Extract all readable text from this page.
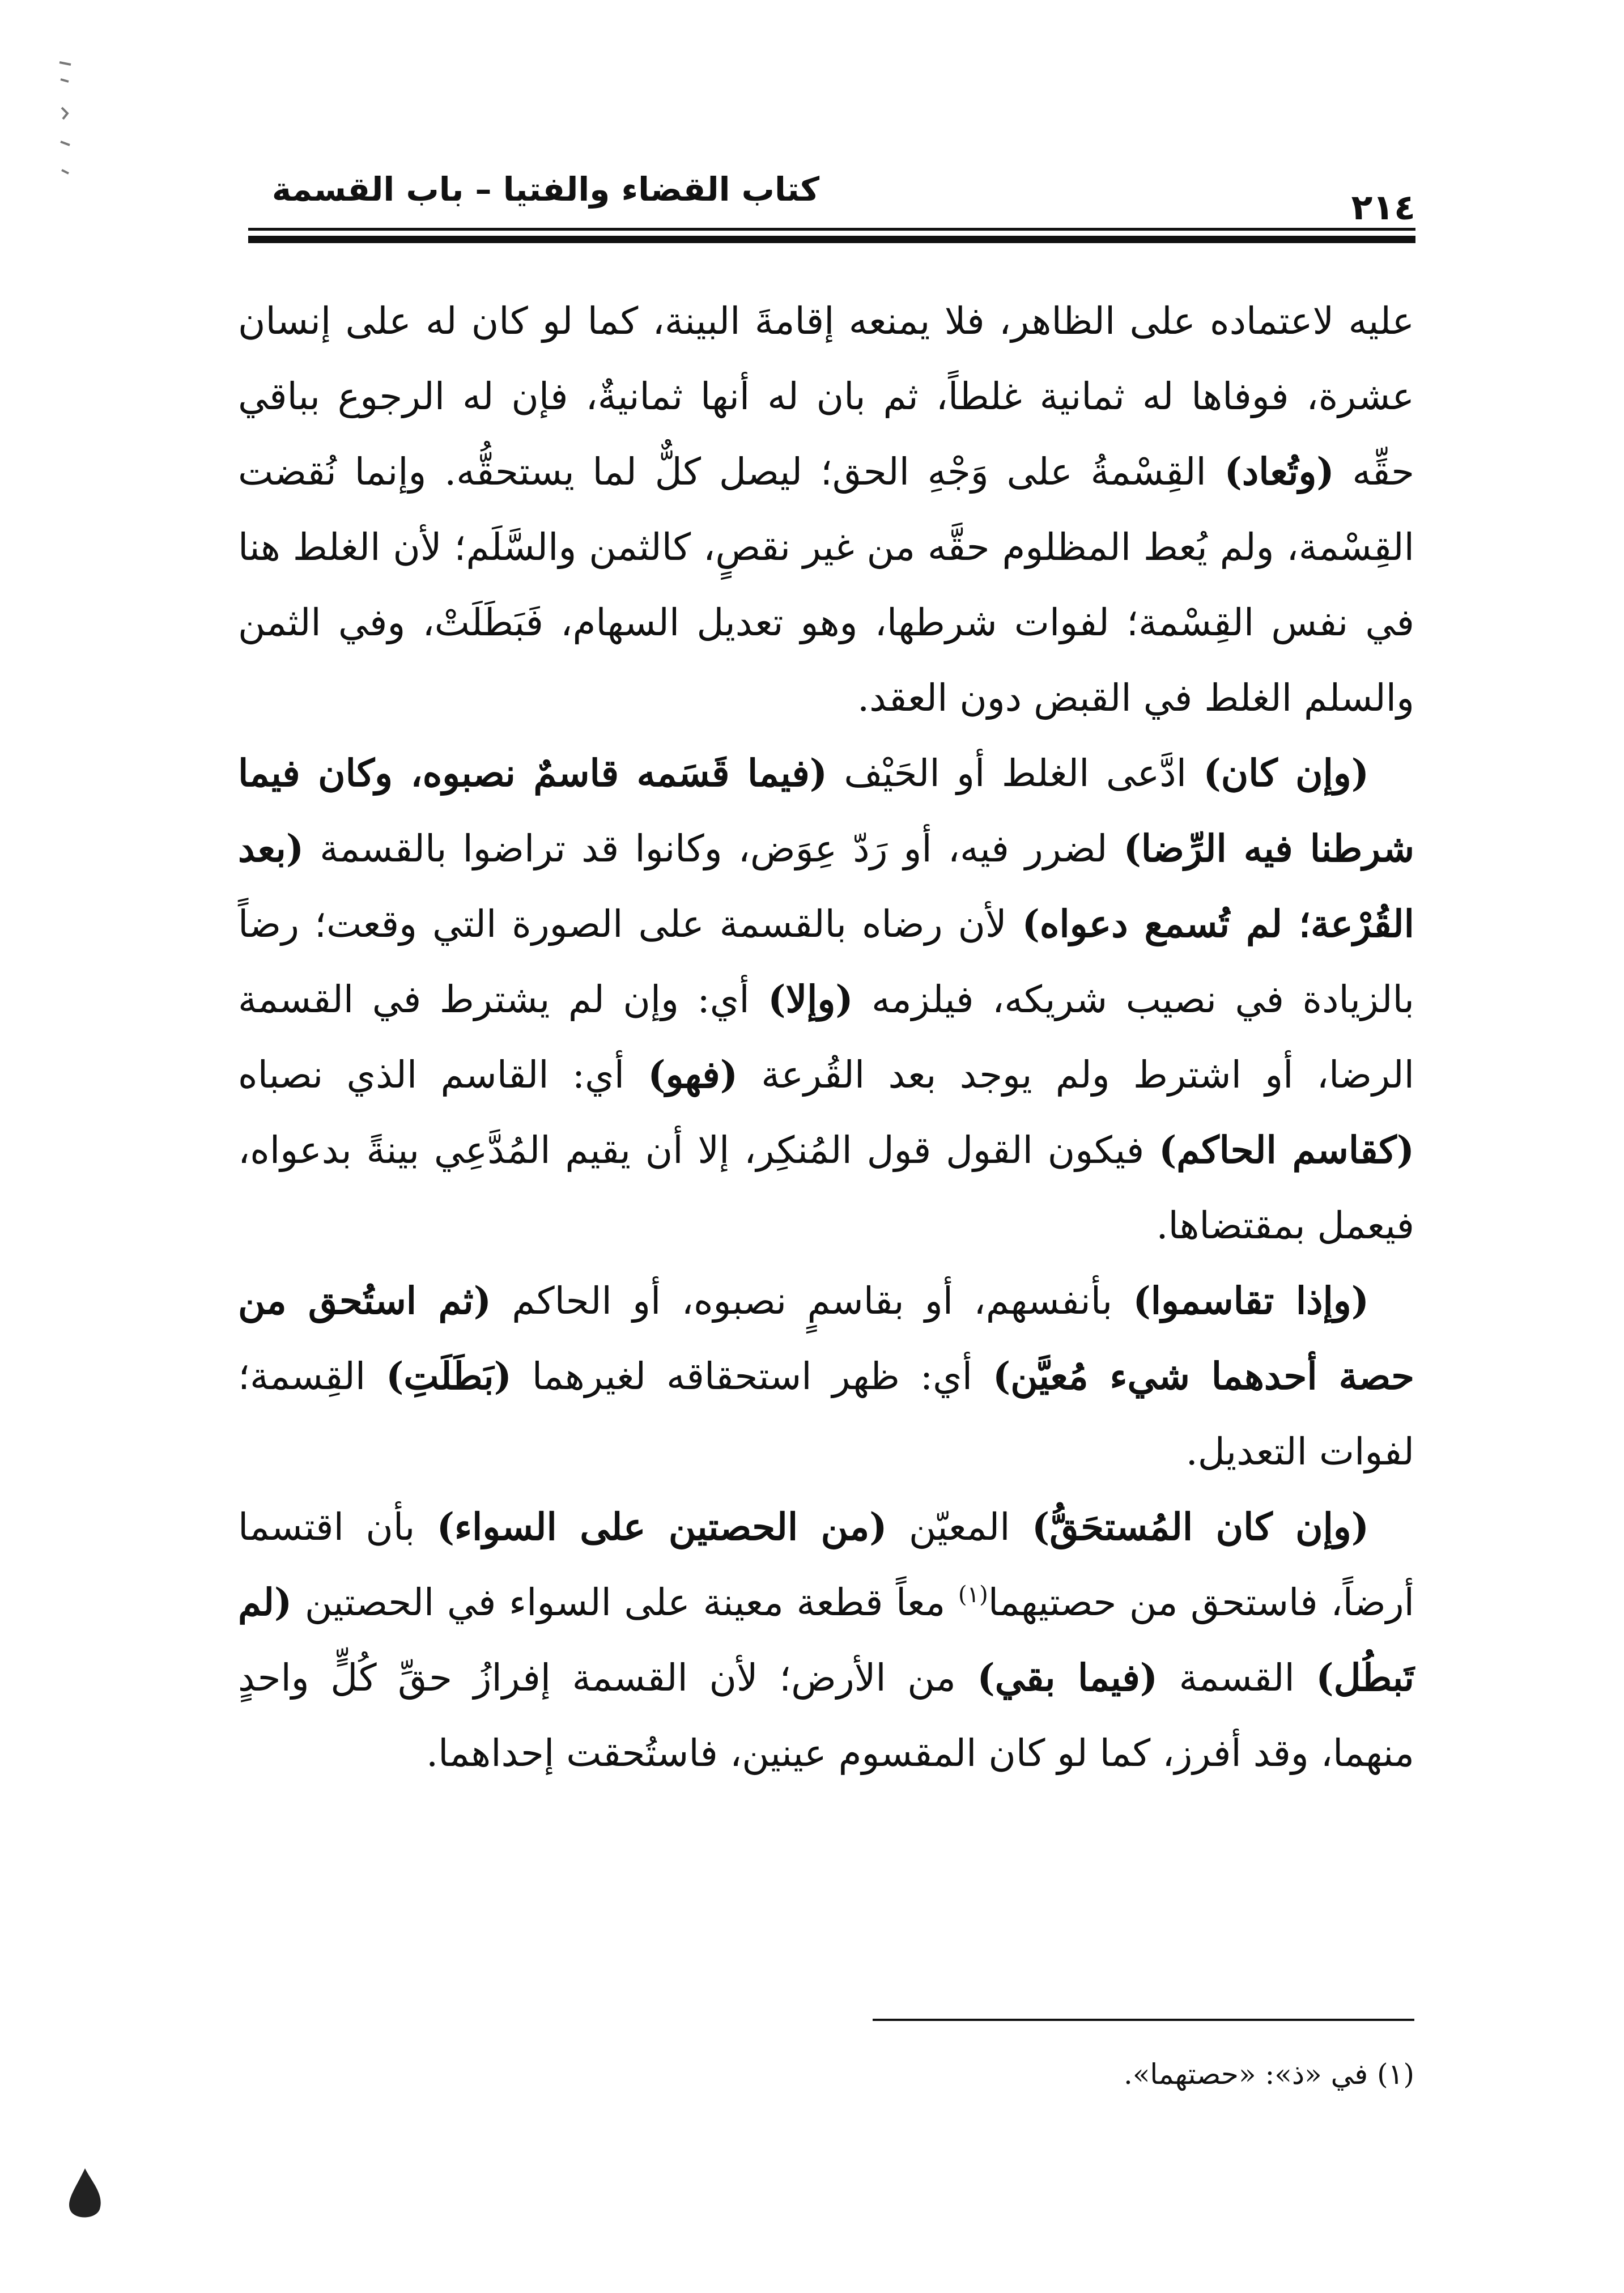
٢١٤
كتاب القضاء والفتيا – باب القسمة

عليه لاعتماده على الظاهر، فلا يمنعه إقامةَ البينة، كما لو كان له على إنسان عشرة، فوفاها له ثمانية غلطاً، ثم بان له أنها ثمانيةٌ، فإن له الرجوع بباقي حقِّه (وتُعاد) القِسْمةُ على وَجْهِ الحق؛ ليصل كلٌّ لما يستحقُّه. وإنما نُقضت القِسْمة، ولم يُعط المظلوم حقَّه من غير نقصٍ، كالثمن والسَّلَم؛ لأن الغلط هنا في نفس القِسْمة؛ لفوات شرطها، وهو تعديل السهام، فَبَطَلَتْ، وفي الثمن والسلم الغلط في القبض دون العقد.

(وإن كان) ادَّعى الغلط أو الحَيْف (فيما قَسَمه قاسمٌ نصبوه، وكان فيما شرطنا فيه الرِّضا) لضرر فيه، أو رَدّ عِوَض، وكانوا قد تراضوا بالقسمة (بعد القُرْعة؛ لم تُسمع دعواه) لأن رضاه بالقسمة على الصورة التي وقعت؛ رضاً بالزيادة في نصيب شريكه، فيلزمه (وإلا) أي: وإن لم يشترط في القسمة الرضا، أو اشترط ولم يوجد بعد القُرعة (فهو) أي: القاسم الذي نصباه (كقاسم الحاكم) فيكون القول قول المُنكِر، إلا أن يقيم المُدَّعِي بينةً بدعواه، فيعمل بمقتضاها.

(وإذا تقاسموا) بأنفسهم، أو بقاسمٍ نصبوه، أو الحاكم (ثم استُحق من حصة أحدهما شيء مُعيَّن) أي: ظهر استحقاقه لغيرهما (بَطَلَتِ) القِسمة؛ لفوات التعديل.

(وإن كان المُستحَقُّ) المعيّن (من الحصتين على السواء) بأن اقتسما أرضاً، فاستحق من حصتيهما$^{(١)}$ معاً قطعة معينة على السواء في الحصتين (لم تَبطُل) القسمة (فيما بقي) من الأرض؛ لأن القسمة إفرازُ حقِّ كُلٍّ واحدٍ منهما، وقد أفرز، كما لو كان المقسوم عينين، فاستُحقت إحداهما.

(١) في «ذ»: «حصتهما».
